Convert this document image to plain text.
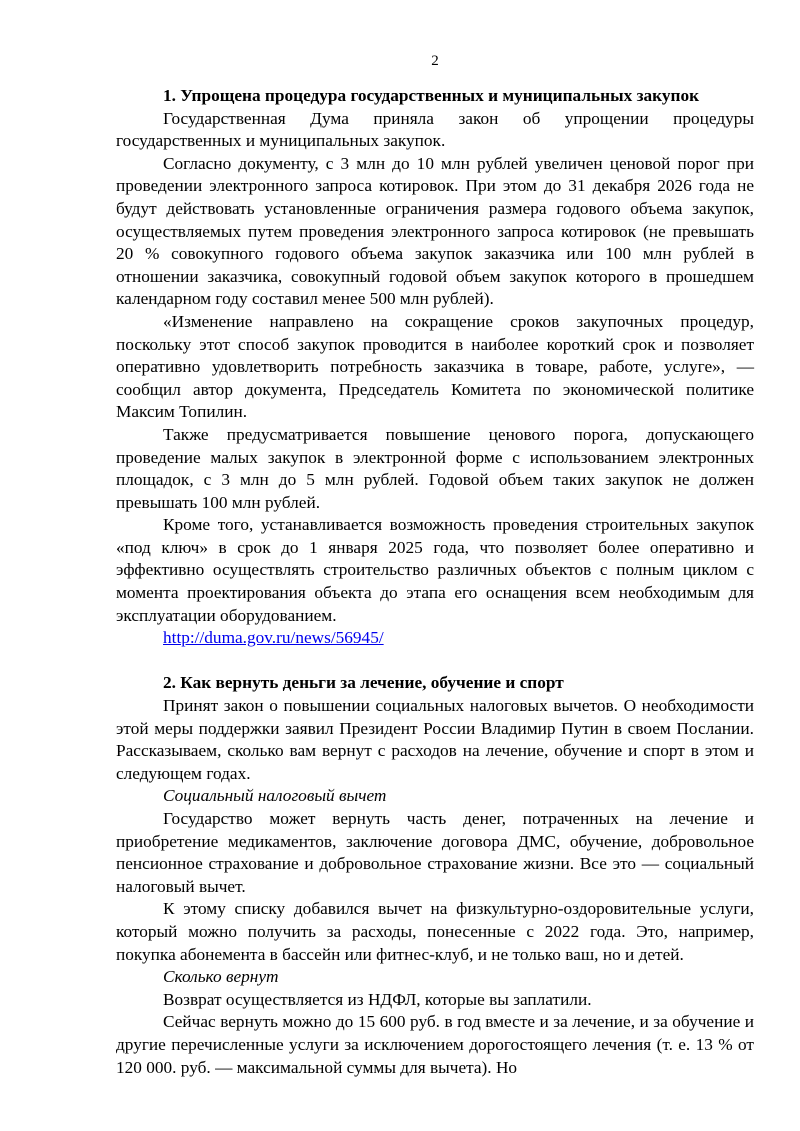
2
1. Упрощена процедура государственных и муниципальных закупок

Государственная Дума приняла закон об упрощении процедуры государственных и муниципальных закупок.

Согласно документу, с 3 млн до 10 млн рублей увеличен ценовой порог при проведении электронного запроса котировок. При этом до 31 декабря 2026 года не будут действовать установленные ограничения размера годового объема закупок, осуществляемых путем проведения электронного запроса котировок (не превышать 20 % совокупного годового объема закупок заказчика или 100 млн рублей в отношении заказчика, совокупный годовой объем закупок которого в прошедшем календарном году составил менее 500 млн рублей).

«Изменение направлено на сокращение сроков закупочных процедур, поскольку этот способ закупок проводится в наиболее короткий срок и позволяет оперативно удовлетворить потребность заказчика в товаре, работе, услуге», — сообщил автор документа, Председатель Комитета по экономической политике Максим Топилин.

Также предусматривается повышение ценового порога, допускающего проведение малых закупок в электронной форме с использованием электронных площадок, с 3 млн до 5 млн рублей. Годовой объем таких закупок не должен превышать 100 млн рублей.

Кроме того, устанавливается возможность проведения строительных закупок «под ключ» в срок до 1 января 2025 года, что позволяет более оперативно и эффективно осуществлять строительство различных объектов с полным циклом с момента проектирования объекта до этапа его оснащения всем необходимым для эксплуатации оборудованием.

http://duma.gov.ru/news/56945/

2. Как вернуть деньги за лечение, обучение и спорт

Принят закон о повышении социальных налоговых вычетов. О необходимости этой меры поддержки заявил Президент России Владимир Путин в своем Послании. Рассказываем, сколько вам вернут с расходов на лечение, обучение и спорт в этом и следующем годах.

Социальный налоговый вычет

Государство может вернуть часть денег, потраченных на лечение и приобретение медикаментов, заключение договора ДМС, обучение, добровольное пенсионное страхование и добровольное страхование жизни. Все это — социальный налоговый вычет.

К этому списку добавился вычет на физкультурно-оздоровительные услуги, который можно получить за расходы, понесенные с 2022 года. Это, например, покупка абонемента в бассейн или фитнес-клуб, и не только ваш, но и детей.

Сколько вернут

Возврат осуществляется из НДФЛ, которые вы заплатили.

Сейчас вернуть можно до 15 600 руб. в год вместе и за лечение, и за обучение и другие перечисленные услуги за исключением дорогостоящего лечения (т. е. 13 % от 120 000. руб. — максимальной суммы для вычета). Но
